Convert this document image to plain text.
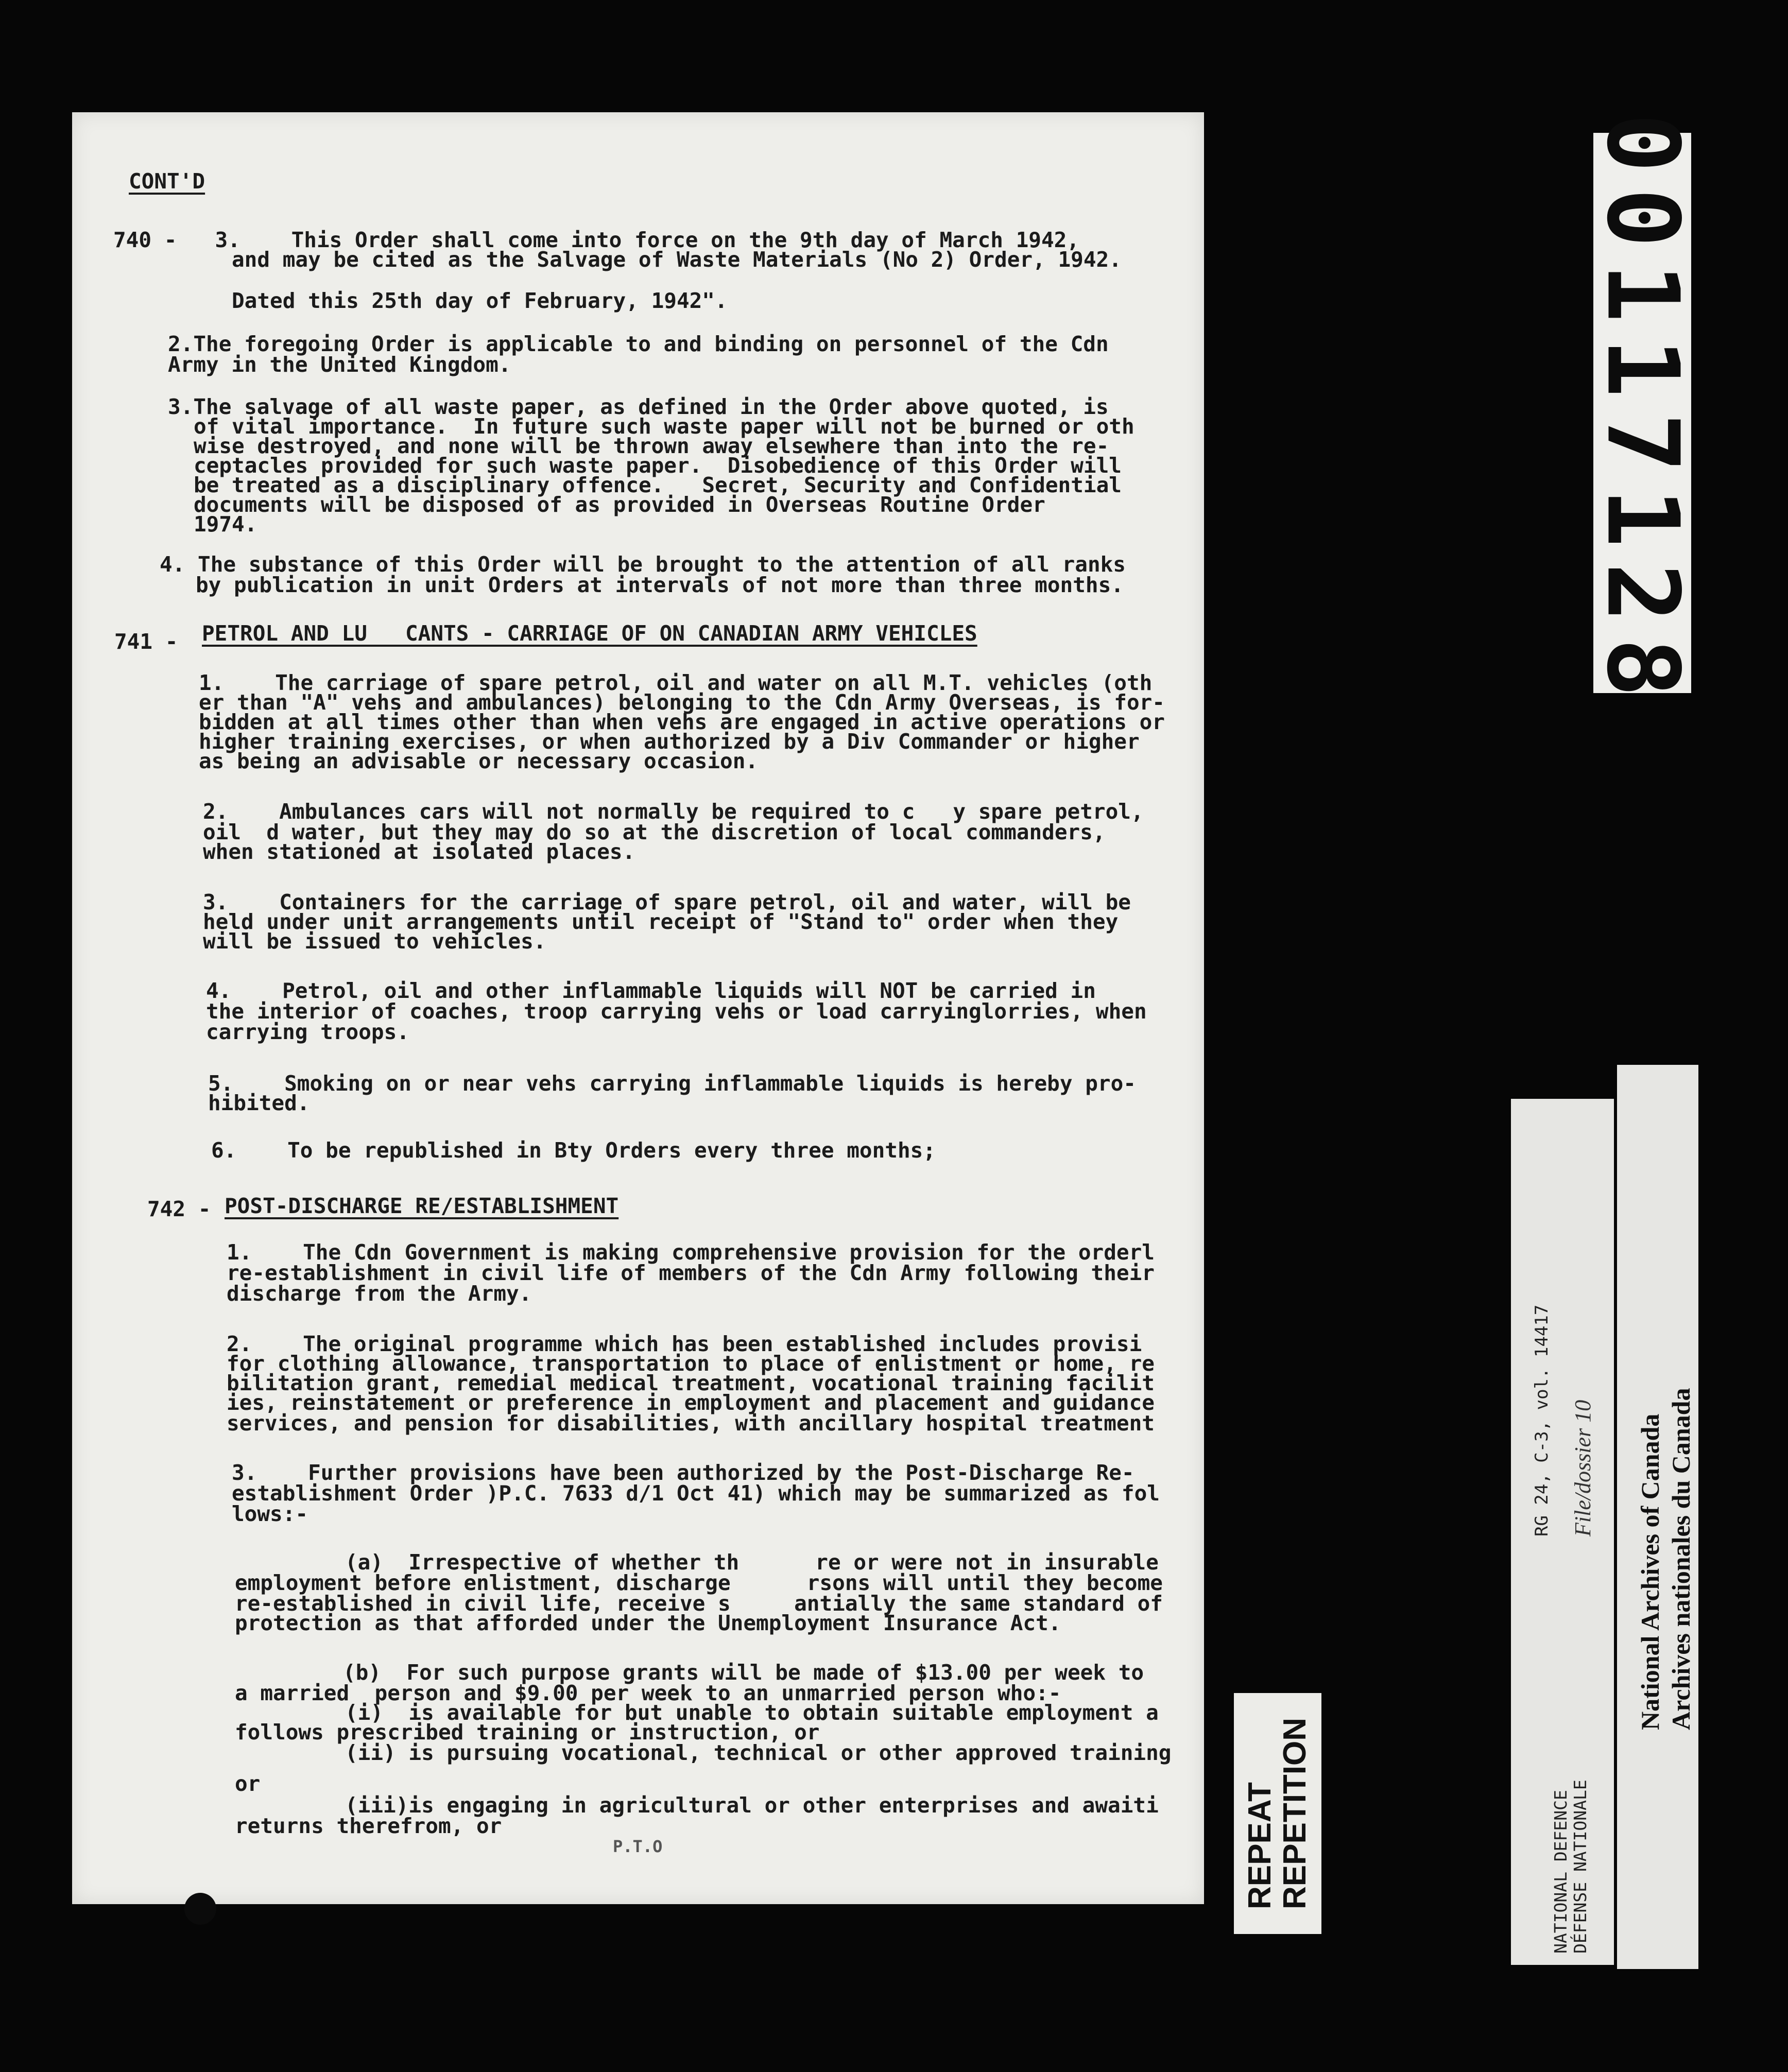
CONT'D

740 -   3.    This Order shall come into force on the 9th day of March 1942,

and may be cited as the Salvage of Waste Materials (No 2) Order, 1942.

Dated this 25th day of February, 1942".

2.The foregoing Order is applicable to and binding on personnel of the Cdn

Army in the United Kingdom.

3.The salvage of all waste paper, as defined in the Order above quoted, is

of vital importance.  In future such waste paper will not be burned or oth

wise destroyed, and none will be thrown away elsewhere than into the re-

ceptacles provided for such waste paper.  Disobedience of this Order will

be treated as a disciplinary offence.   Secret, Security and Confidential

documents will be disposed of as provided in Overseas Routine Order

1974.

4. The substance of this Order will be brought to the attention of all ranks

by publication in unit Orders at intervals of not more than three months.

741 - PETROL AND LU   CANTS - CARRIAGE OF ON CANADIAN ARMY VEHICLES

1.    The carriage of spare petrol, oil and water on all M.T. vehicles (oth

er than "A" vehs and ambulances) belonging to the Cdn Army Overseas, is for-

bidden at all times other than when vehs are engaged in active operations or

higher training exercises, or when authorized by a Div Commander or higher

as being an advisable or necessary occasion.

2.    Ambulances cars will not normally be required to c   y spare petrol,

oil  d water, but they may do so at the discretion of local commanders,

when stationed at isolated places.

3.    Containers for the carriage of spare petrol, oil and water, will be

held under unit arrangements until receipt of "Stand to" order when they

will be issued to vehicles.

4.    Petrol, oil and other inflammable liquids will NOT be carried in

the interior of coaches, troop carrying vehs or load carryinglorries, when

carrying troops.

5.    Smoking on or near vehs carrying inflammable liquids is hereby pro-

hibited.

6.    To be republished in Bty Orders every three months;

742 - POST-DISCHARGE RE/ESTABLISHMENT

1.    The Cdn Government is making comprehensive provision for the orderl

re-establishment in civil life of members of the Cdn Army following their

discharge from the Army.

2.    The original programme which has been established includes provisi

for clothing allowance, transportation to place of enlistment or home, re

bilitation grant, remedial medical treatment, vocational training facilit

ies, reinstatement or preference in employment and placement and guidance

services, and pension for disabilities, with ancillary hospital treatment

3.    Further provisions have been authorized by the Post-Discharge Re-

establishment Order )P.C. 7633 d/1 Oct 41) which may be summarized as fol

lows:-

(a)  Irrespective of whether th      re or were not in insurable

employment before enlistment, discharge      rsons will until they become

re-established in civil life, receive s     antially the same standard of

protection as that afforded under the Unemployment Insurance Act.

(b)  For such purpose grants will be made of $13.00 per week to

a married  person and $9.00 per week to an unmarried person who:-

(i)  is available for but unable to obtain suitable employment a

follows prescribed training or instruction, or

(ii) is pursuing vocational, technical or other approved training

or

(iii)is engaging in agricultural or other enterprises and awaiti

returns therefrom, or

P.T.O

00117128
REPEAT REPETITION	NATIONAL DEFENCE DÉFENSE NATIONALE
RG 24, C-3, vol. 14417 File/dossier 10 National Archives of Canada Archives nationales du Canada
